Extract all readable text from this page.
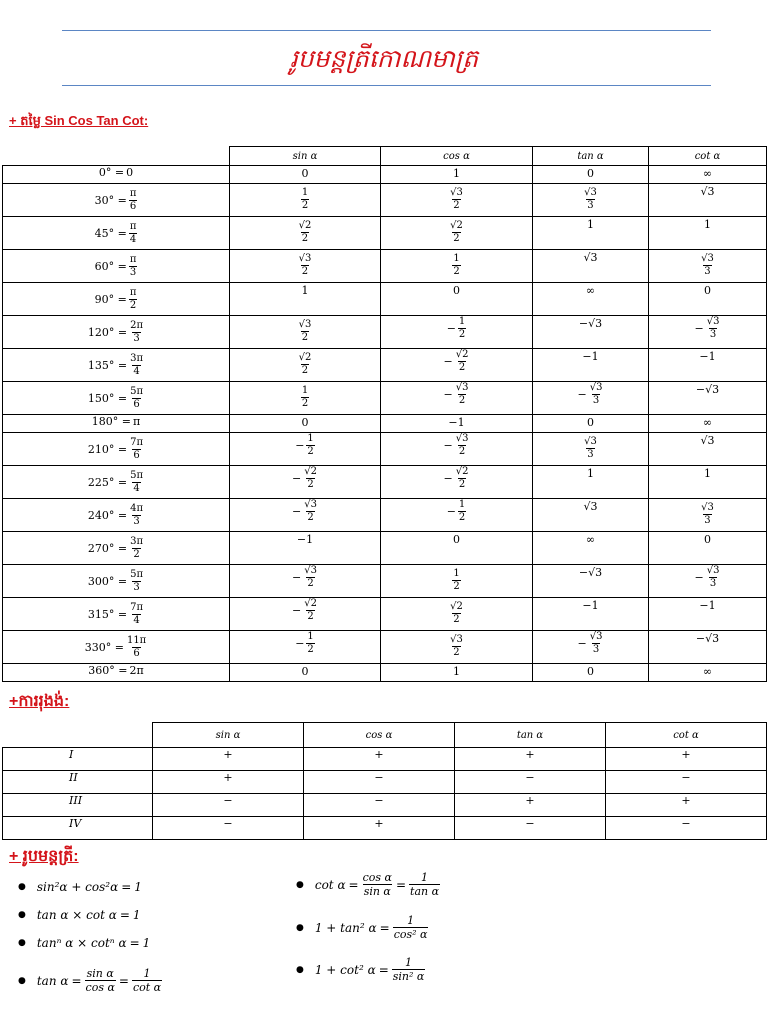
រូបមន្តត្រីកោណមាត្រ
+ តម្លៃ Sin Cos Tan Cot:
	sin α	cos α	tan α	cot α

0° = 0	0	1	0	∞

$30^\circ = \frac{\pi}{6}$	$\frac{1}{2}$	$\frac{√3}{2}$	$\frac{√3}{3}$	√3

$45^\circ = \frac{\pi}{4}$	$\frac{√2}{2}$	$\frac{√2}{2}$	1	1

$60^\circ = \frac{\pi}{3}$	$\frac{√3}{2}$	$\frac{1}{2}$	√3	$\frac{√3}{3}$

$90^\circ = \frac{\pi}{2}$	1	0	∞	0

$120^\circ = \frac{2\pi}{3}$	$\frac{√3}{2}$	− $\frac{1}{2}$	−√3	− $\frac{√3}{3}$

$135^\circ = \frac{3\pi}{4}$	$\frac{√2}{2}$	− $\frac{√2}{2}$	−1	−1

$150^\circ = \frac{5\pi}{6}$	$\frac{1}{2}$	− $\frac{√3}{2}$	− $\frac{√3}{3}$	−√3

180° = π	0	−1	0	∞

$210^\circ = \frac{7\pi}{6}$	− $\frac{1}{2}$	− $\frac{√3}{2}$	$\frac{√3}{3}$	√3

$225^\circ = \frac{5\pi}{4}$	− $\frac{√2}{2}$	− $\frac{√2}{2}$	1	1

$240^\circ = \frac{4\pi}{3}$	− $\frac{√3}{2}$	− $\frac{1}{2}$	√3	$\frac{√3}{3}$

$270^\circ = \frac{3\pi}{2}$	−1	0	∞	0

$300^\circ = \frac{5\pi}{3}$	− $\frac{√3}{2}$	$\frac{1}{2}$	−√3	− $\frac{√3}{3}$

$315^\circ = \frac{7\pi}{4}$	− $\frac{√2}{2}$	$\frac{√2}{2}$	−1	−1

$330^\circ = \frac{11\pi}{6}$	− $\frac{1}{2}$	$\frac{√3}{2}$	− $\frac{√3}{3}$	−√3

360° = 2π	0	1	0	∞
+ការរុងង់:
	sin α	cos α	tan α	cot α
I	+	+	+	+
II	+	−	−	−
III	−	−	+	+
IV	−	+	−	−
+ រូបមន្តត្រី:
● sin²α + cos²α = 1
● tan α × cot α = 1
● tanⁿ α × cotⁿ α = 1
● $\tan \alpha = \frac{\text{sin α}}{\text{cos α}} = \frac{1}{\text{cot α}}$
● $\cot \alpha = \frac{\text{cos α}}{\text{sin α}} = \frac{1}{\text{tan α}}$
● 1 + tan² $\alpha = \frac{1}{\text{cos² α}}$
● 1 + cot² $\alpha = \frac{1}{\text{sin² α}}$
